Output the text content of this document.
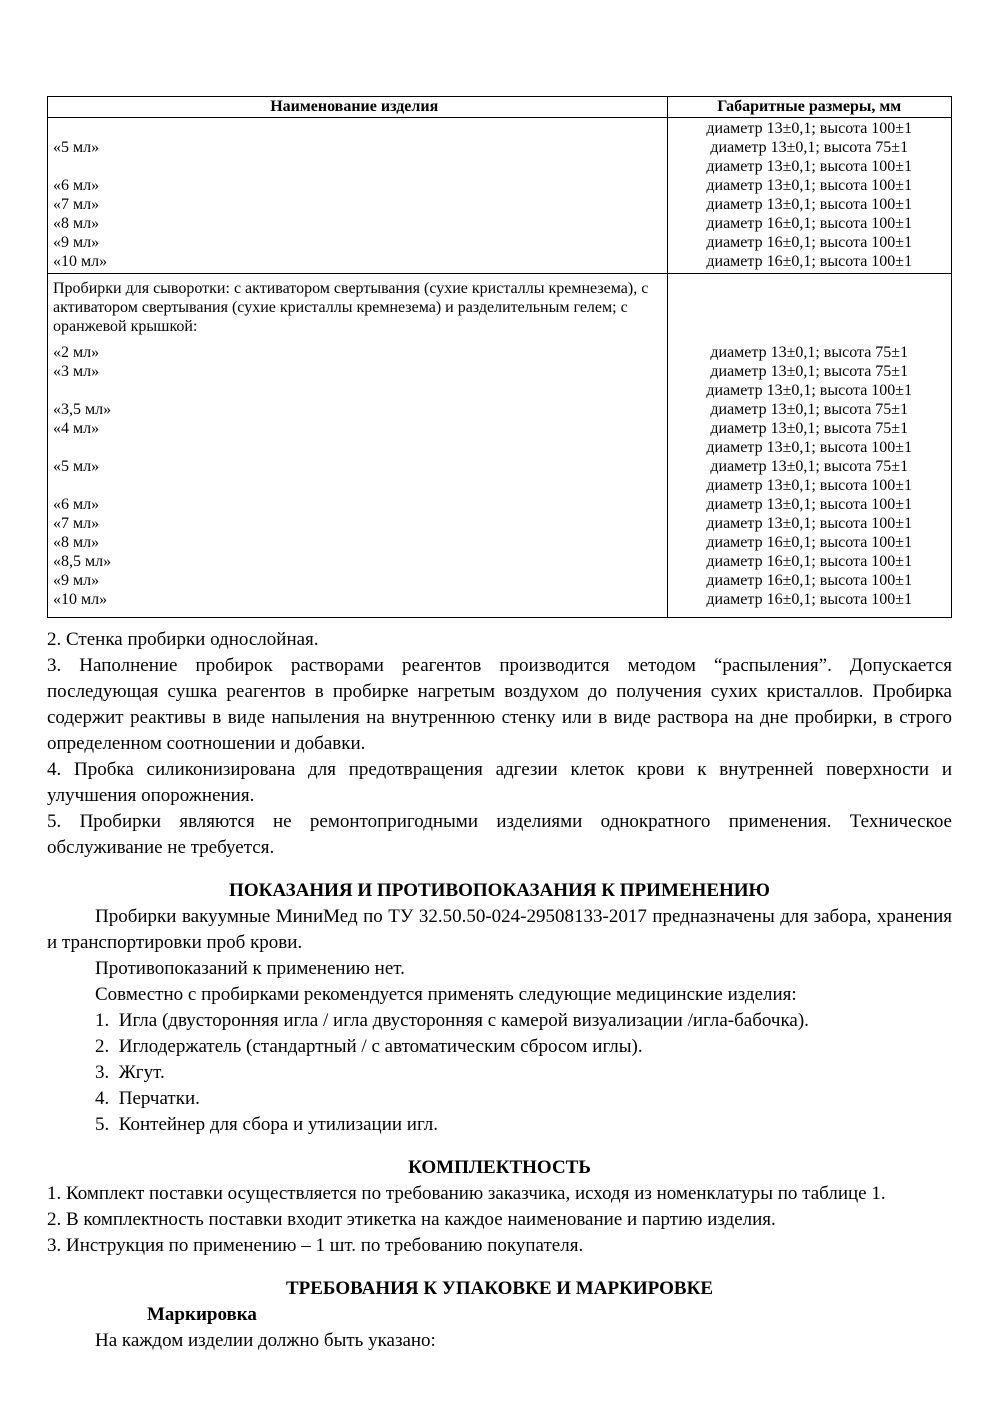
Наименование изделия	Габаритные размеры, мм
диаметр 13±0,1; высота 100±1
«5 мл»	диаметр 13±0,1; высота 75±1
диаметр 13±0,1; высота 100±1
«6 мл»	диаметр 13±0,1; высота 100±1
«7 мл»	диаметр 13±0,1; высота 100±1
«8 мл»	диаметр 16±0,1; высота 100±1
«9 мл»	диаметр 16±0,1; высота 100±1
«10 мл»	диаметр 16±0,1; высота 100±1
Пробирки для сыворотки: с активатором свертывания (сухие кристаллы кремнезема), с активатором свертывания (сухие кристаллы кремнезема) и разделительным гелем; с оранжевой крышкой:
«2 мл»	диаметр 13±0,1; высота 75±1
«3 мл»	диаметр 13±0,1; высота 75±1
диаметр 13±0,1; высота 100±1
«3,5 мл»	диаметр 13±0,1; высота 75±1
«4 мл»	диаметр 13±0,1; высота 75±1
диаметр 13±0,1; высота 100±1
«5 мл»	диаметр 13±0,1; высота 75±1
диаметр 13±0,1; высота 100±1
«6 мл»	диаметр 13±0,1; высота 100±1
«7 мл»	диаметр 13±0,1; высота 100±1
«8 мл»	диаметр 16±0,1; высота 100±1
«8,5 мл»	диаметр 16±0,1; высота 100±1
«9 мл»	диаметр 16±0,1; высота 100±1
«10 мл»	диаметр 16±0,1; высота 100±1

2. Стенка пробирки однослойная.

3. Наполнение пробирок растворами реагентов производится методом “распыления”. Допускается последующая сушка реагентов в пробирке нагретым воздухом до получения сухих кристаллов. Пробирка содержит реактивы в виде напыления на внутреннюю стенку или в виде раствора на дне пробирки, в строго определенном соотношении и добавки.

4. Пробка силиконизирована для предотвращения адгезии клеток крови к внутренней поверхности и улучшения опорожнения.

5. Пробирки являются не ремонтопригодными изделиями однократного применения. Техническое обслуживание не требуется.

ПОКАЗАНИЯ И ПРОТИВОПОКАЗАНИЯ К ПРИМЕНЕНИЮ

Пробирки вакуумные МиниМед по ТУ 32.50.50-024-29508133-2017 предназначены для забора, хранения и транспортировки проб крови.

Противопоказаний к применению нет.

Совместно с пробирками рекомендуется применять следующие медицинские изделия:

1.  Игла (двусторонняя игла / игла двусторонняя с камерой визуализации /игла-бабочка).
2.  Иглодержатель (стандартный / с автоматическим сбросом иглы).
3.  Жгут.
4.  Перчатки.
5.  Контейнер для сбора и утилизации игл.
КОМПЛЕКТНОСТЬ

1. Комплект поставки осуществляется по требованию заказчика, исходя из номенклатуры по таблице 1.

2. В комплектность поставки входит этикетка на каждое наименование и партию изделия.

3. Инструкция по применению – 1 шт. по требованию покупателя.

ТРЕБОВАНИЯ К УПАКОВКЕ И МАРКИРОВКЕ
Маркировка

На каждом изделии должно быть указано:
